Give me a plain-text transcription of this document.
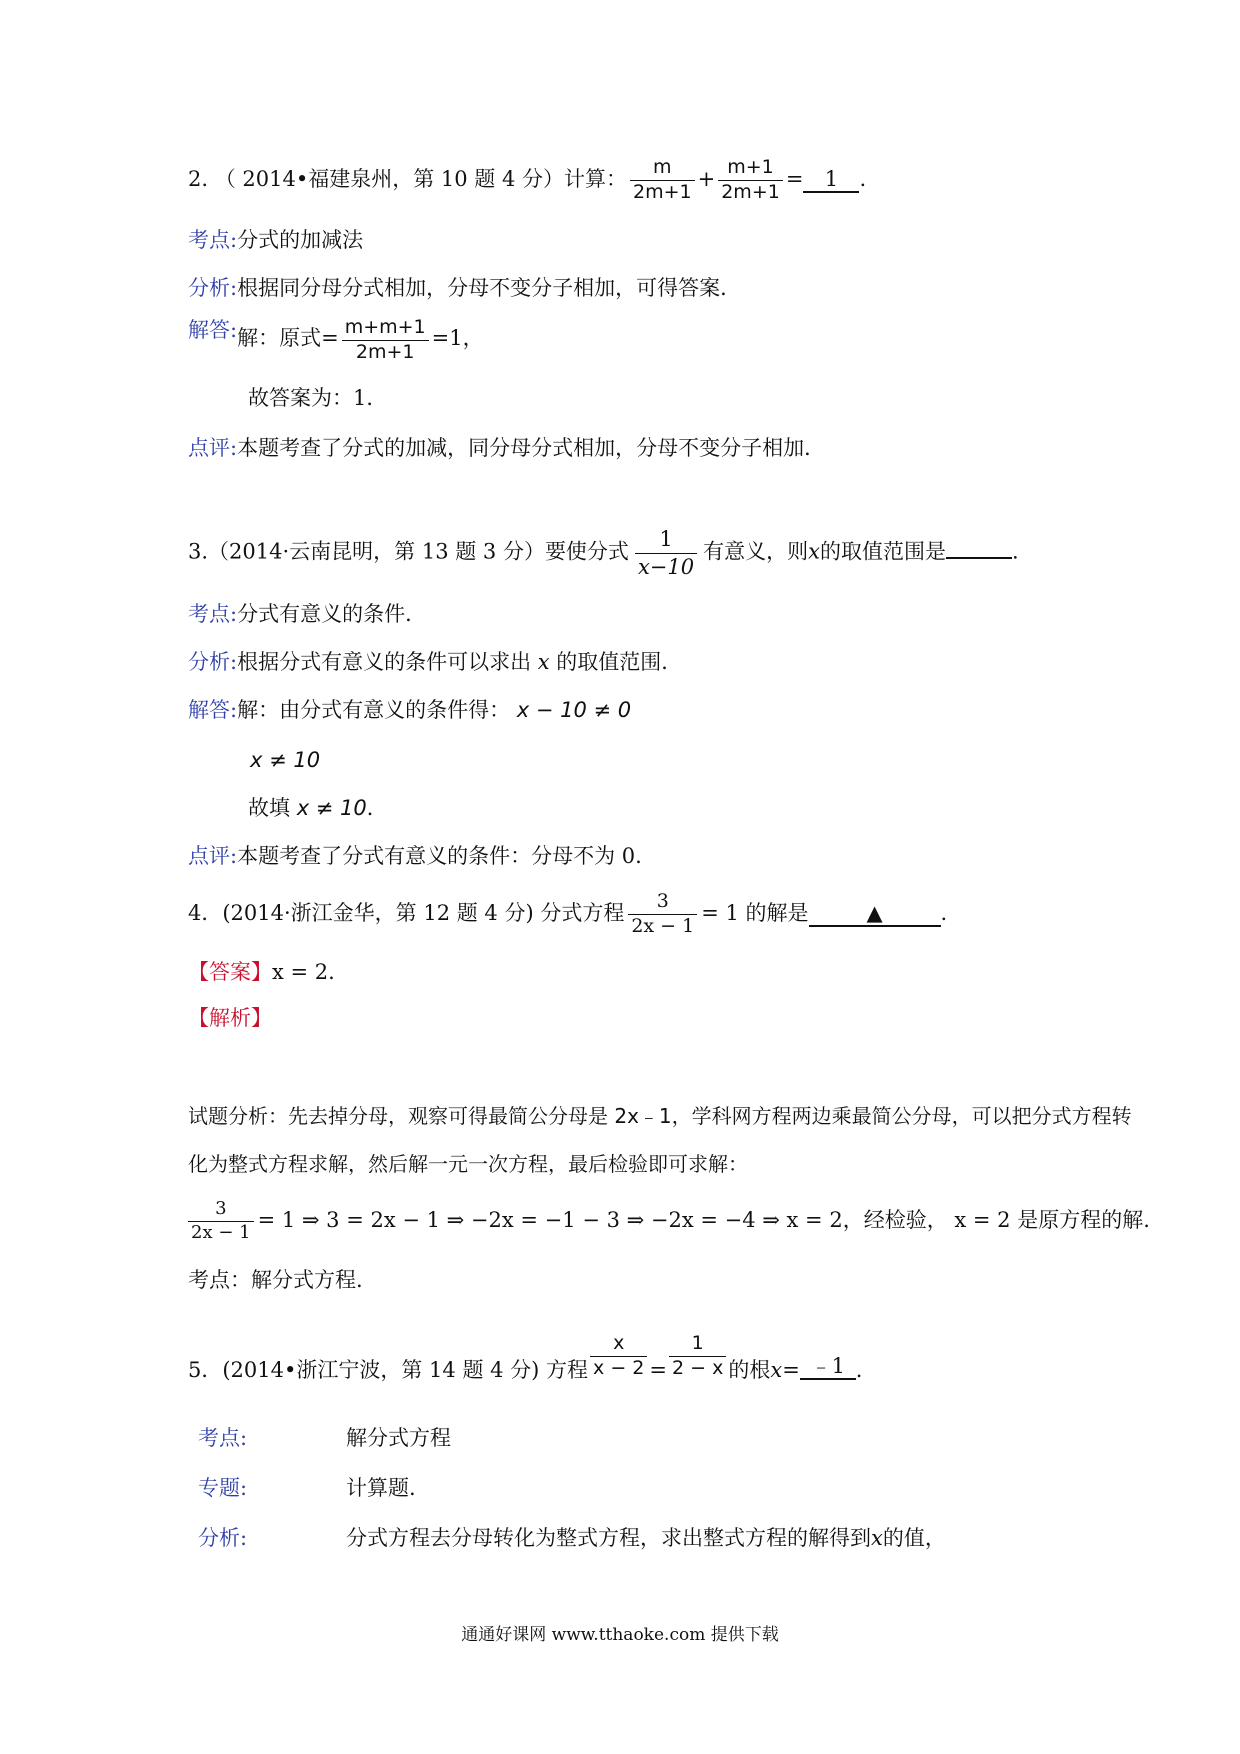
2. （ 2014•福建泉州，第 10 题 4 分）计算： $\frac{m}{2m+1} + \frac{m+1}{2m+1} = 1$ .
考点:分式的加减法
分析:根据同分母分式相加，分母不变分子相加，可得答案．
解答:解：原式= $\frac{m+m+1}{2m+1} =1$，
故答案为：1．
点评:本题考查了分式的加减，同分母分式相加，分母不变分子相加．
3.（2014·云南昆明，第 13 题 3 分）要使分式 $\frac{1}{x-10}$ 有意义，则x的取值范围是	.
考点:分式有意义的条件．
分析:根据分式有意义的条件可以求出 x 的取值范围．
解答:解：由分式有意义的条件得： x − 10 ≠ 0
x ≠ 10
故填 x ≠ 10．
点评:本题考查了分式有意义的条件：分母不为 0.
4．(2014·浙江金华，第 12 题 4 分) 分式方程 $\frac{3}{2x - 1} = 1$ 的解是	▲	.
【答案】x = 2.
【解析】
试题分析：先去掉分母，观察可得最简公分母是 2x﹣1，学科网方程两边乘最简公分母，可以把分式方程转
化为整式方程求解，然后解一元一次方程，最后检验即可求解：
$\frac{3}{2x - 1} = 1$ ⇒ 3 = 2x − 1 ⇒ −2x = −1 − 3 ⇒ −2x = −4 ⇒ x = 2，经检验， x = 2 是原方程的解.
考点：解分式方程.
5．(2014•浙江宁波，第 14 题 4 分) 方程 $\frac{x}{x - 2} = \frac{1}{2 - x}$ 的根x= ﹣1 .
考点:	解分式方程
专题:	计算题.
分析:	分式方程去分母转化为整式方程，求出整式方程的解得到x的值，
通通好课网 www.tthaoke.com 提供下载
